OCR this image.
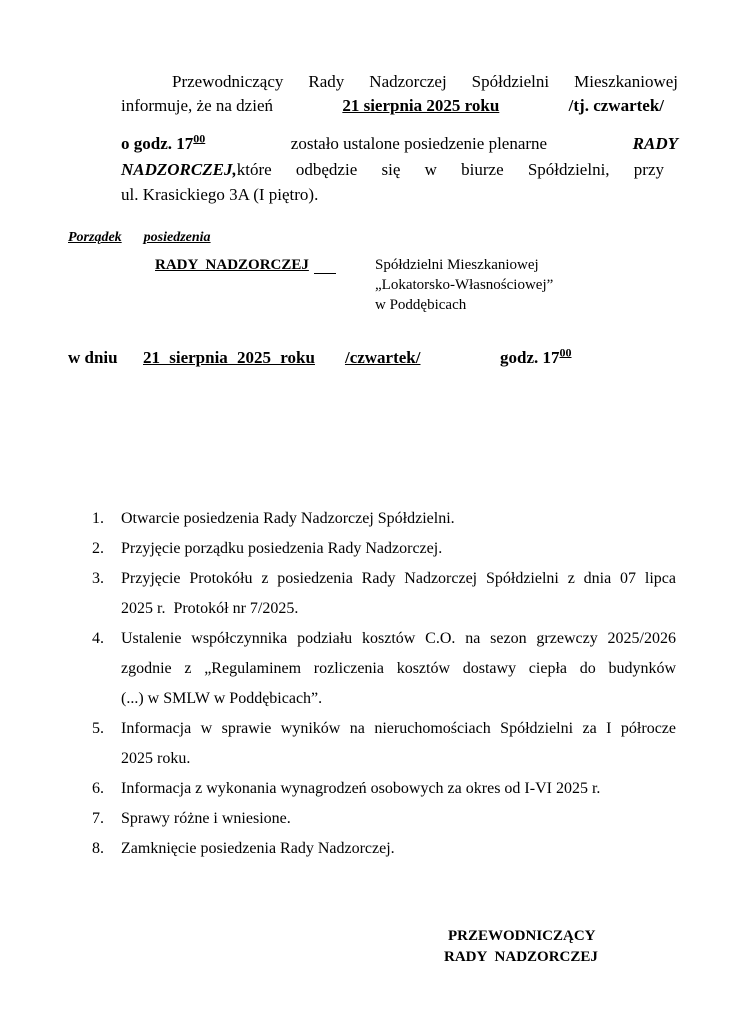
Przewodniczący Rady Nadzorczej Spółdzielni Mieszkaniowej
informuje, że na dzień	21 sierpnia 2025 roku	/tj. czwartek/
o godz. $17^{00}$	zostało ustalone posiedzenie plenarne	RADY
NADZORCZEJ, które odbędzie się w biurze Spółdzielni, przy
ul. Krasickiego 3A (I piętro).
Porządek posiedzenia
RADY NADZORCZEJ	Spółdzielni Mieszkaniowej
„Lokatorsko-Własnościowej”
w Poddębicach
w dniu 21 sierpnia 2025 roku /czwartek/	godz. $17^{00}$
1.	Otwarcie posiedzenia Rady Nadzorczej Spółdzielni.
2.	Przyjęcie porządku posiedzenia Rady Nadzorczej.
3.	Przyjęcie Protokółu z posiedzenia Rady Nadzorczej Spółdzielni z dnia 07 lipca
2025 r.  Protokół nr 7/2025.
4.	Ustalenie współczynnika podziału kosztów C.O. na sezon grzewczy 2025/2026
zgodnie z „Regulaminem rozliczenia kosztów dostawy ciepła do budynków
(...) w SMLW w Poddębicach”.
5.	Informacja w sprawie wyników na nieruchomościach Spółdzielni za I półrocze
2025 roku.
6.	Informacja z wykonania wynagrodzeń osobowych za okres od I-VI 2025 r.
7.	Sprawy różne i wniesione.
8.	Zamknięcie posiedzenia Rady Nadzorczej.
PRZEWODNICZĄCY
RADY NADZORCZEJ
